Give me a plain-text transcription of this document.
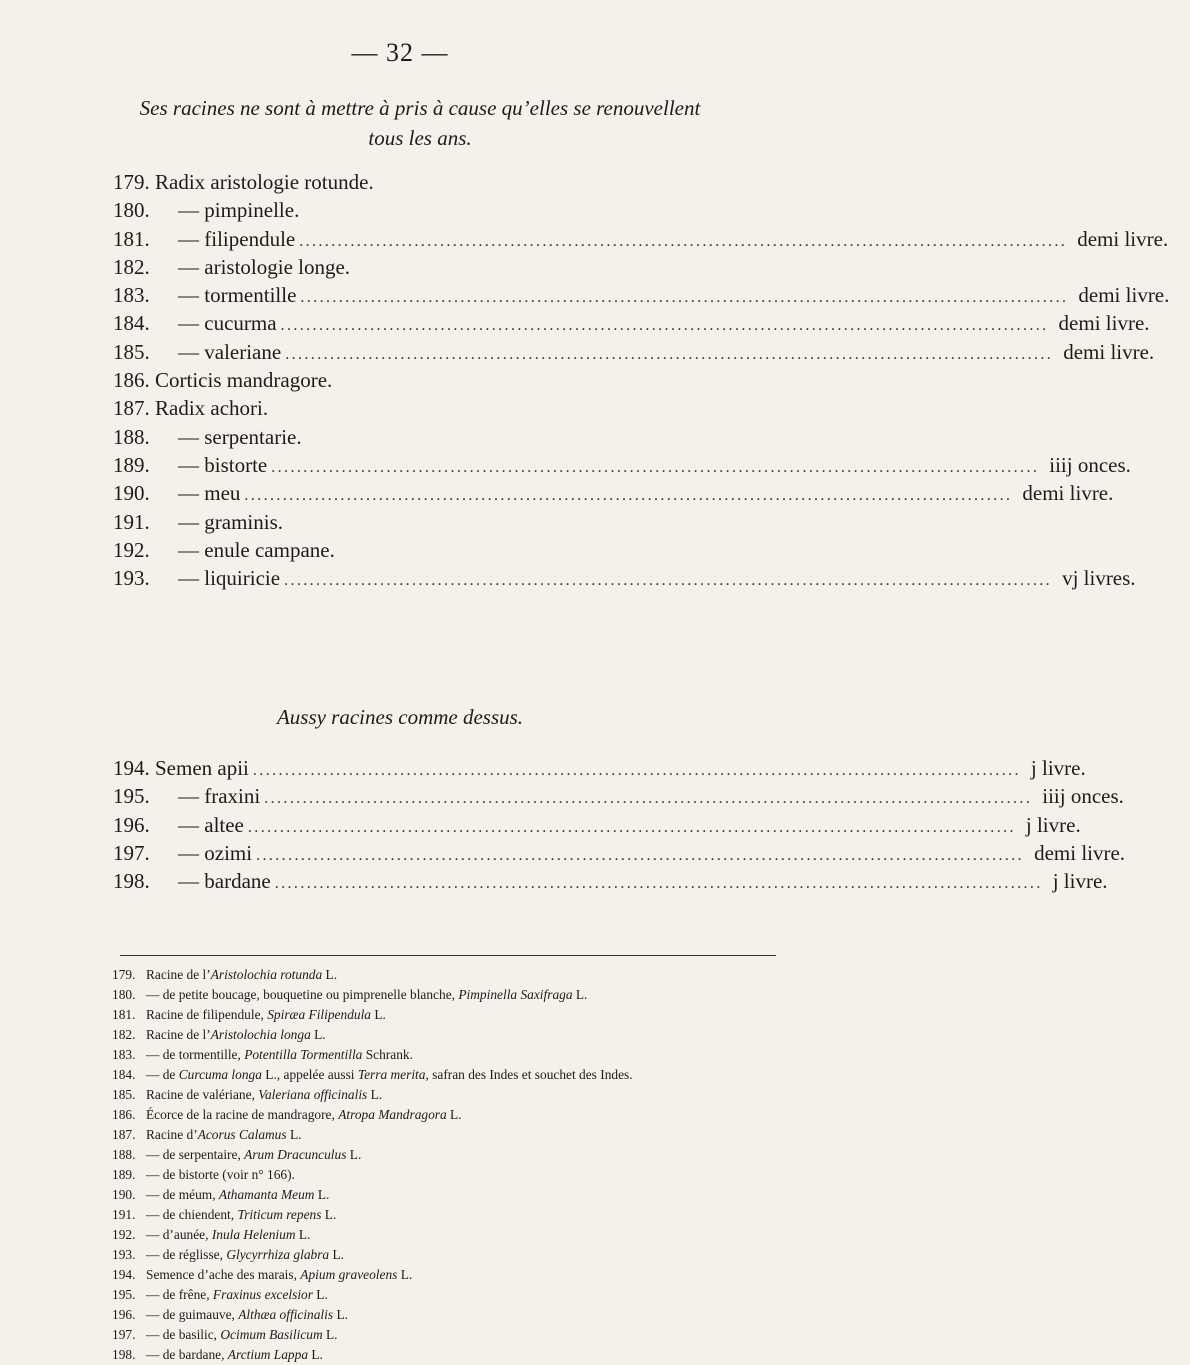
— 32 —
Ses racines ne sont à mettre à pris à cause qu’elles se renouvellent
tous les ans.
179. Radix aristologie rotunde.
180.	— pimpinelle.
181.	— filipendule ........................................................................................................................ demi livre.
182.	— aristologie longe.
183.	— tormentille ........................................................................................................................ demi livre.
184.	— cucurma ........................................................................................................................ demi livre.
185.	— valeriane ........................................................................................................................ demi livre.
186. Corticis mandragore.
187. Radix achori.
188.	— serpentarie.
189.	— bistorte ........................................................................................................................ iiij onces.
190.	— meu ........................................................................................................................ demi livre.
191.	— graminis.
192.	— enule campane.
193.	— liquiricie ........................................................................................................................ vj livres.
Aussy racines comme dessus.
194. Semen apii ........................................................................................................................ j livre.
195.	— fraxini ........................................................................................................................ iiij onces.
196.	— altee ........................................................................................................................ j livre.
197.	— ozimi ........................................................................................................................ demi livre.
198.	— bardane ........................................................................................................................ j livre.
179. Racine de l’Aristolochia rotunda L.
180. — de petite boucage, bouquetine ou pimprenelle blanche, Pimpinella Saxifraga L.
181. Racine de filipendule, Spiræa Filipendula L.
182. Racine de l’Aristolochia longa L.
183. — de tormentille, Potentilla Tormentilla Schrank.
184. — de Curcuma longa L., appelée aussi Terra merita, safran des Indes et souchet des Indes.
185. Racine de valériane, Valeriana officinalis L.
186. Écorce de la racine de mandragore, Atropa Mandragora L.
187. Racine d’Acorus Calamus L.
188. — de serpentaire, Arum Dracunculus L.
189. — de bistorte (voir n° 166).
190. — de méum, Athamanta Meum L.
191. — de chiendent, Triticum repens L.
192. — d’aunée, Inula Helenium L.
193. — de réglisse, Glycyrrhiza glabra L.
194. Semence d’ache des marais, Apium graveolens L.
195. — de frêne, Fraxinus excelsior L.
196. — de guimauve, Althæa officinalis L.
197. — de basilic, Ocimum Basilicum L.
198. — de bardane, Arctium Lappa L.
